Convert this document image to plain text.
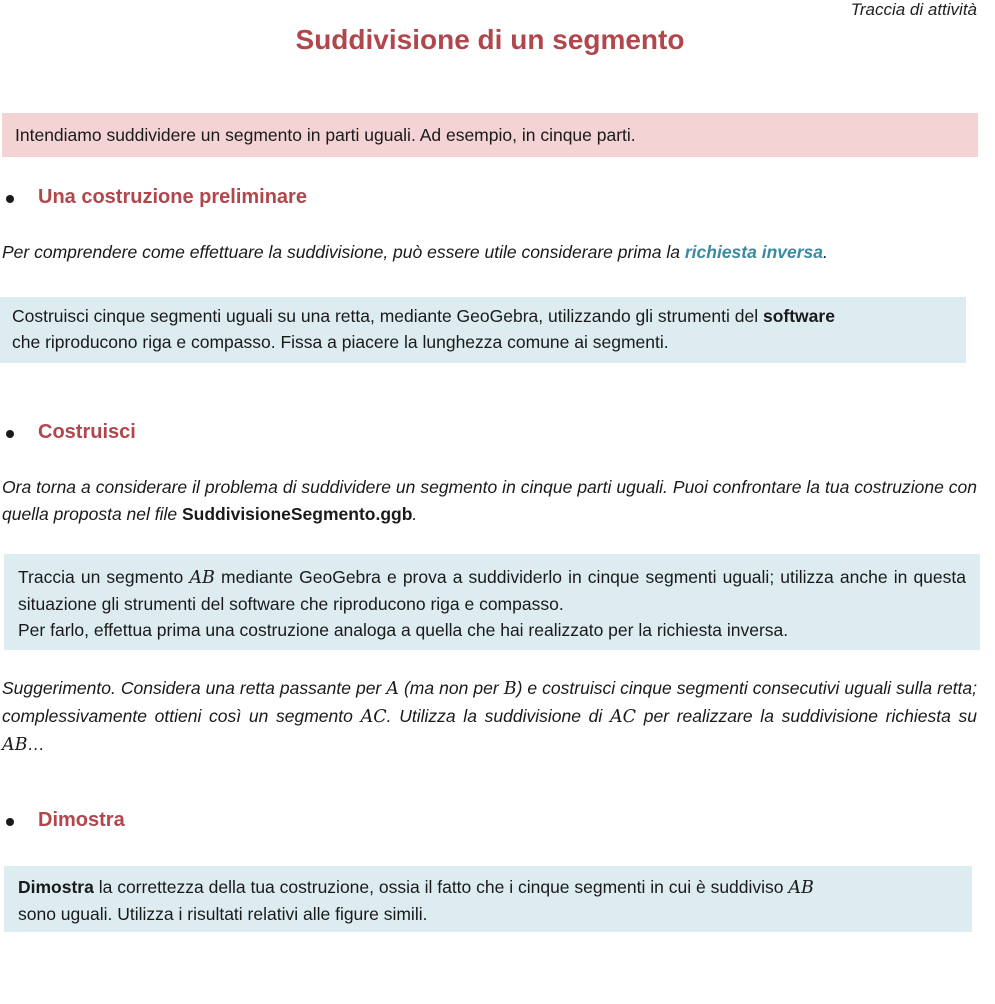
Traccia di attività
Suddivisione di un segmento
Intendiamo suddividere un segmento in parti uguali. Ad esempio, in cinque parti.
Una costruzione preliminare
Per comprendere come effettuare la suddivisione, può essere utile considerare prima la richiesta inversa.
Costruisci cinque segmenti uguali su una retta, mediante GeoGebra, utilizzando gli strumenti del software
che riproducono riga e compasso. Fissa a piacere la lunghezza comune ai segmenti.
Costruisci
Ora torna a considerare il problema di suddividere un segmento in cinque parti uguali. Puoi confrontare la tua costruzione con quella proposta nel file SuddivisioneSegmento.ggb.
Traccia un segmento AB mediante GeoGebra e prova a suddividerlo in cinque segmenti uguali; utilizza anche in questa situazione gli strumenti del software che riproducono riga e compasso.
Per farlo, effettua prima una costruzione analoga a quella che hai realizzato per la richiesta inversa.
Suggerimento. Considera una retta passante per A (ma non per B) e costruisci cinque segmenti consecutivi uguali sulla retta; complessivamente ottieni così un segmento AC. Utilizza la suddivisione di AC per realizzare la suddivisione richiesta su AB…
Dimostra
Dimostra la correttezza della tua costruzione, ossia il fatto che i cinque segmenti in cui è suddiviso AB
sono uguali. Utilizza i risultati relativi alle figure simili.
